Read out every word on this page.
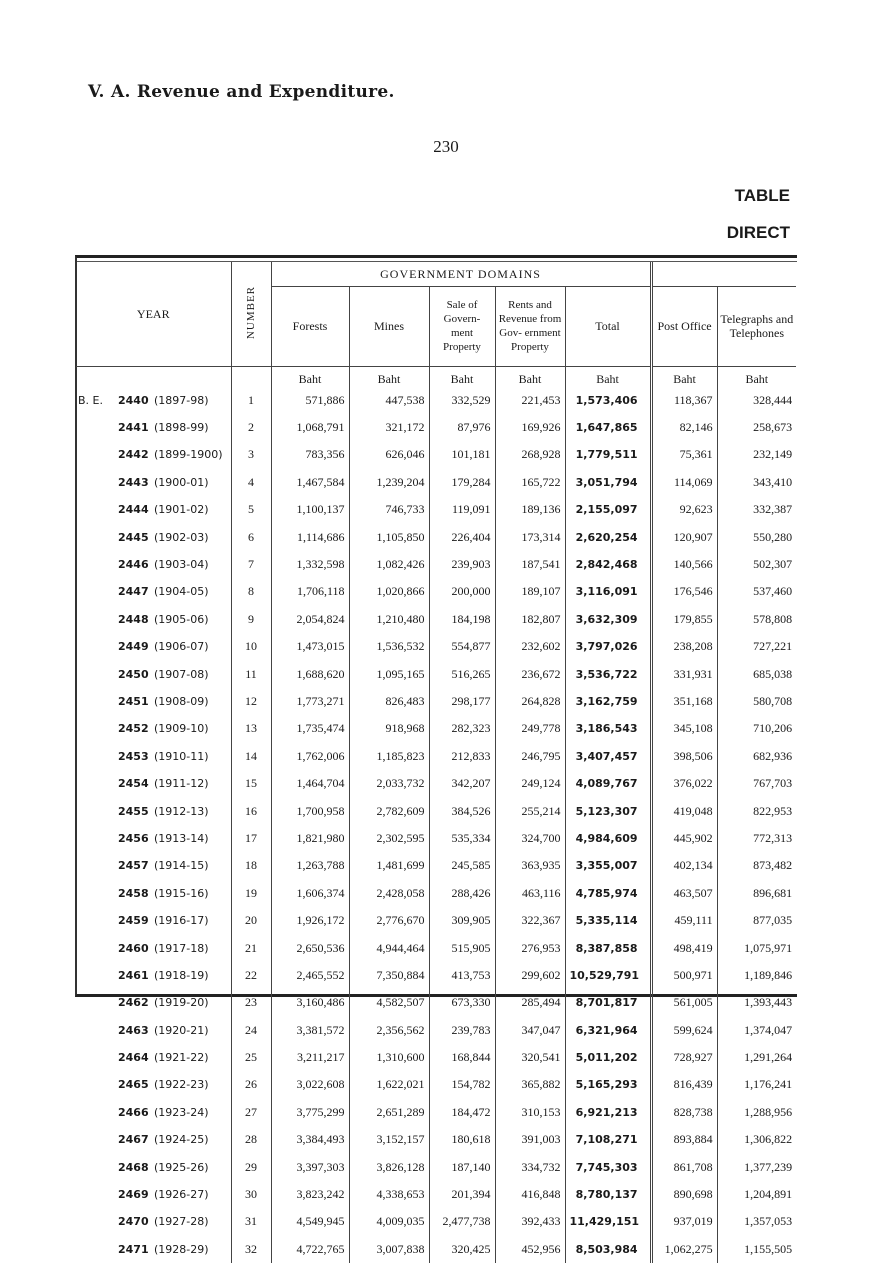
V. A. Revenue and Expenditure.
230
TABLE
DIRECT
YEAR	NUMBER	GOVERNMENT DOMAINS						
		Forests	Mines	Sale of Govern- ment Property	Rents and Revenue from Gov- ernment Property	Total	Post Office	Telegraphs and Telephones
		Baht	Baht	Baht	Baht	Baht	Baht	Baht
B. E. 2440 (1897-98)	1	571,886	447,538	332,529	221,453	1,573,406	118,367	328,444
2441 (1898-99)	2	1,068,791	321,172	87,976	169,926	1,647,865	82,146	258,673
2442 (1899-1900)	3	783,356	626,046	101,181	268,928	1,779,511	75,361	232,149
2443 (1900-01)	4	1,467,584	1,239,204	179,284	165,722	3,051,794	114,069	343,410
2444 (1901-02)	5	1,100,137	746,733	119,091	189,136	2,155,097	92,623	332,387
2445 (1902-03)	6	1,114,686	1,105,850	226,404	173,314	2,620,254	120,907	550,280
2446 (1903-04)	7	1,332,598	1,082,426	239,903	187,541	2,842,468	140,566	502,307
2447 (1904-05)	8	1,706,118	1,020,866	200,000	189,107	3,116,091	176,546	537,460
2448 (1905-06)	9	2,054,824	1,210,480	184,198	182,807	3,632,309	179,855	578,808
2449 (1906-07)	10	1,473,015	1,536,532	554,877	232,602	3,797,026	238,208	727,221
2450 (1907-08)	11	1,688,620	1,095,165	516,265	236,672	3,536,722	331,931	685,038
2451 (1908-09)	12	1,773,271	826,483	298,177	264,828	3,162,759	351,168	580,708
2452 (1909-10)	13	1,735,474	918,968	282,323	249,778	3,186,543	345,108	710,206
2453 (1910-11)	14	1,762,006	1,185,823	212,833	246,795	3,407,457	398,506	682,936
2454 (1911-12)	15	1,464,704	2,033,732	342,207	249,124	4,089,767	376,022	767,703
2455 (1912-13)	16	1,700,958	2,782,609	384,526	255,214	5,123,307	419,048	822,953
2456 (1913-14)	17	1,821,980	2,302,595	535,334	324,700	4,984,609	445,902	772,313
2457 (1914-15)	18	1,263,788	1,481,699	245,585	363,935	3,355,007	402,134	873,482
2458 (1915-16)	19	1,606,374	2,428,058	288,426	463,116	4,785,974	463,507	896,681
2459 (1916-17)	20	1,926,172	2,776,670	309,905	322,367	5,335,114	459,111	877,035
2460 (1917-18)	21	2,650,536	4,944,464	515,905	276,953	8,387,858	498,419	1,075,971
2461 (1918-19)	22	2,465,552	7,350,884	413,753	299,602	10,529,791	500,971	1,189,846
2462 (1919-20)	23	3,160,486	4,582,507	673,330	285,494	8,701,817	561,005	1,393,443
2463 (1920-21)	24	3,381,572	2,356,562	239,783	347,047	6,321,964	599,624	1,374,047
2464 (1921-22)	25	3,211,217	1,310,600	168,844	320,541	5,011,202	728,927	1,291,264
2465 (1922-23)	26	3,022,608	1,622,021	154,782	365,882	5,165,293	816,439	1,176,241
2466 (1923-24)	27	3,775,299	2,651,289	184,472	310,153	6,921,213	828,738	1,288,956
2467 (1924-25)	28	3,384,493	3,152,157	180,618	391,003	7,108,271	893,884	1,306,822
2468 (1925-26)	29	3,397,303	3,826,128	187,140	334,732	7,745,303	861,708	1,377,239
2469 (1926-27)	30	3,823,242	4,338,653	201,394	416,848	8,780,137	890,698	1,204,891
2470 (1927-28)	31	4,549,945	4,009,035	2,477,738	392,433	11,429,151	937,019	1,357,053
2471 (1928-29)	32	4,722,765	3,007,838	320,425	452,956	8,503,984	1,062,275	1,155,505
